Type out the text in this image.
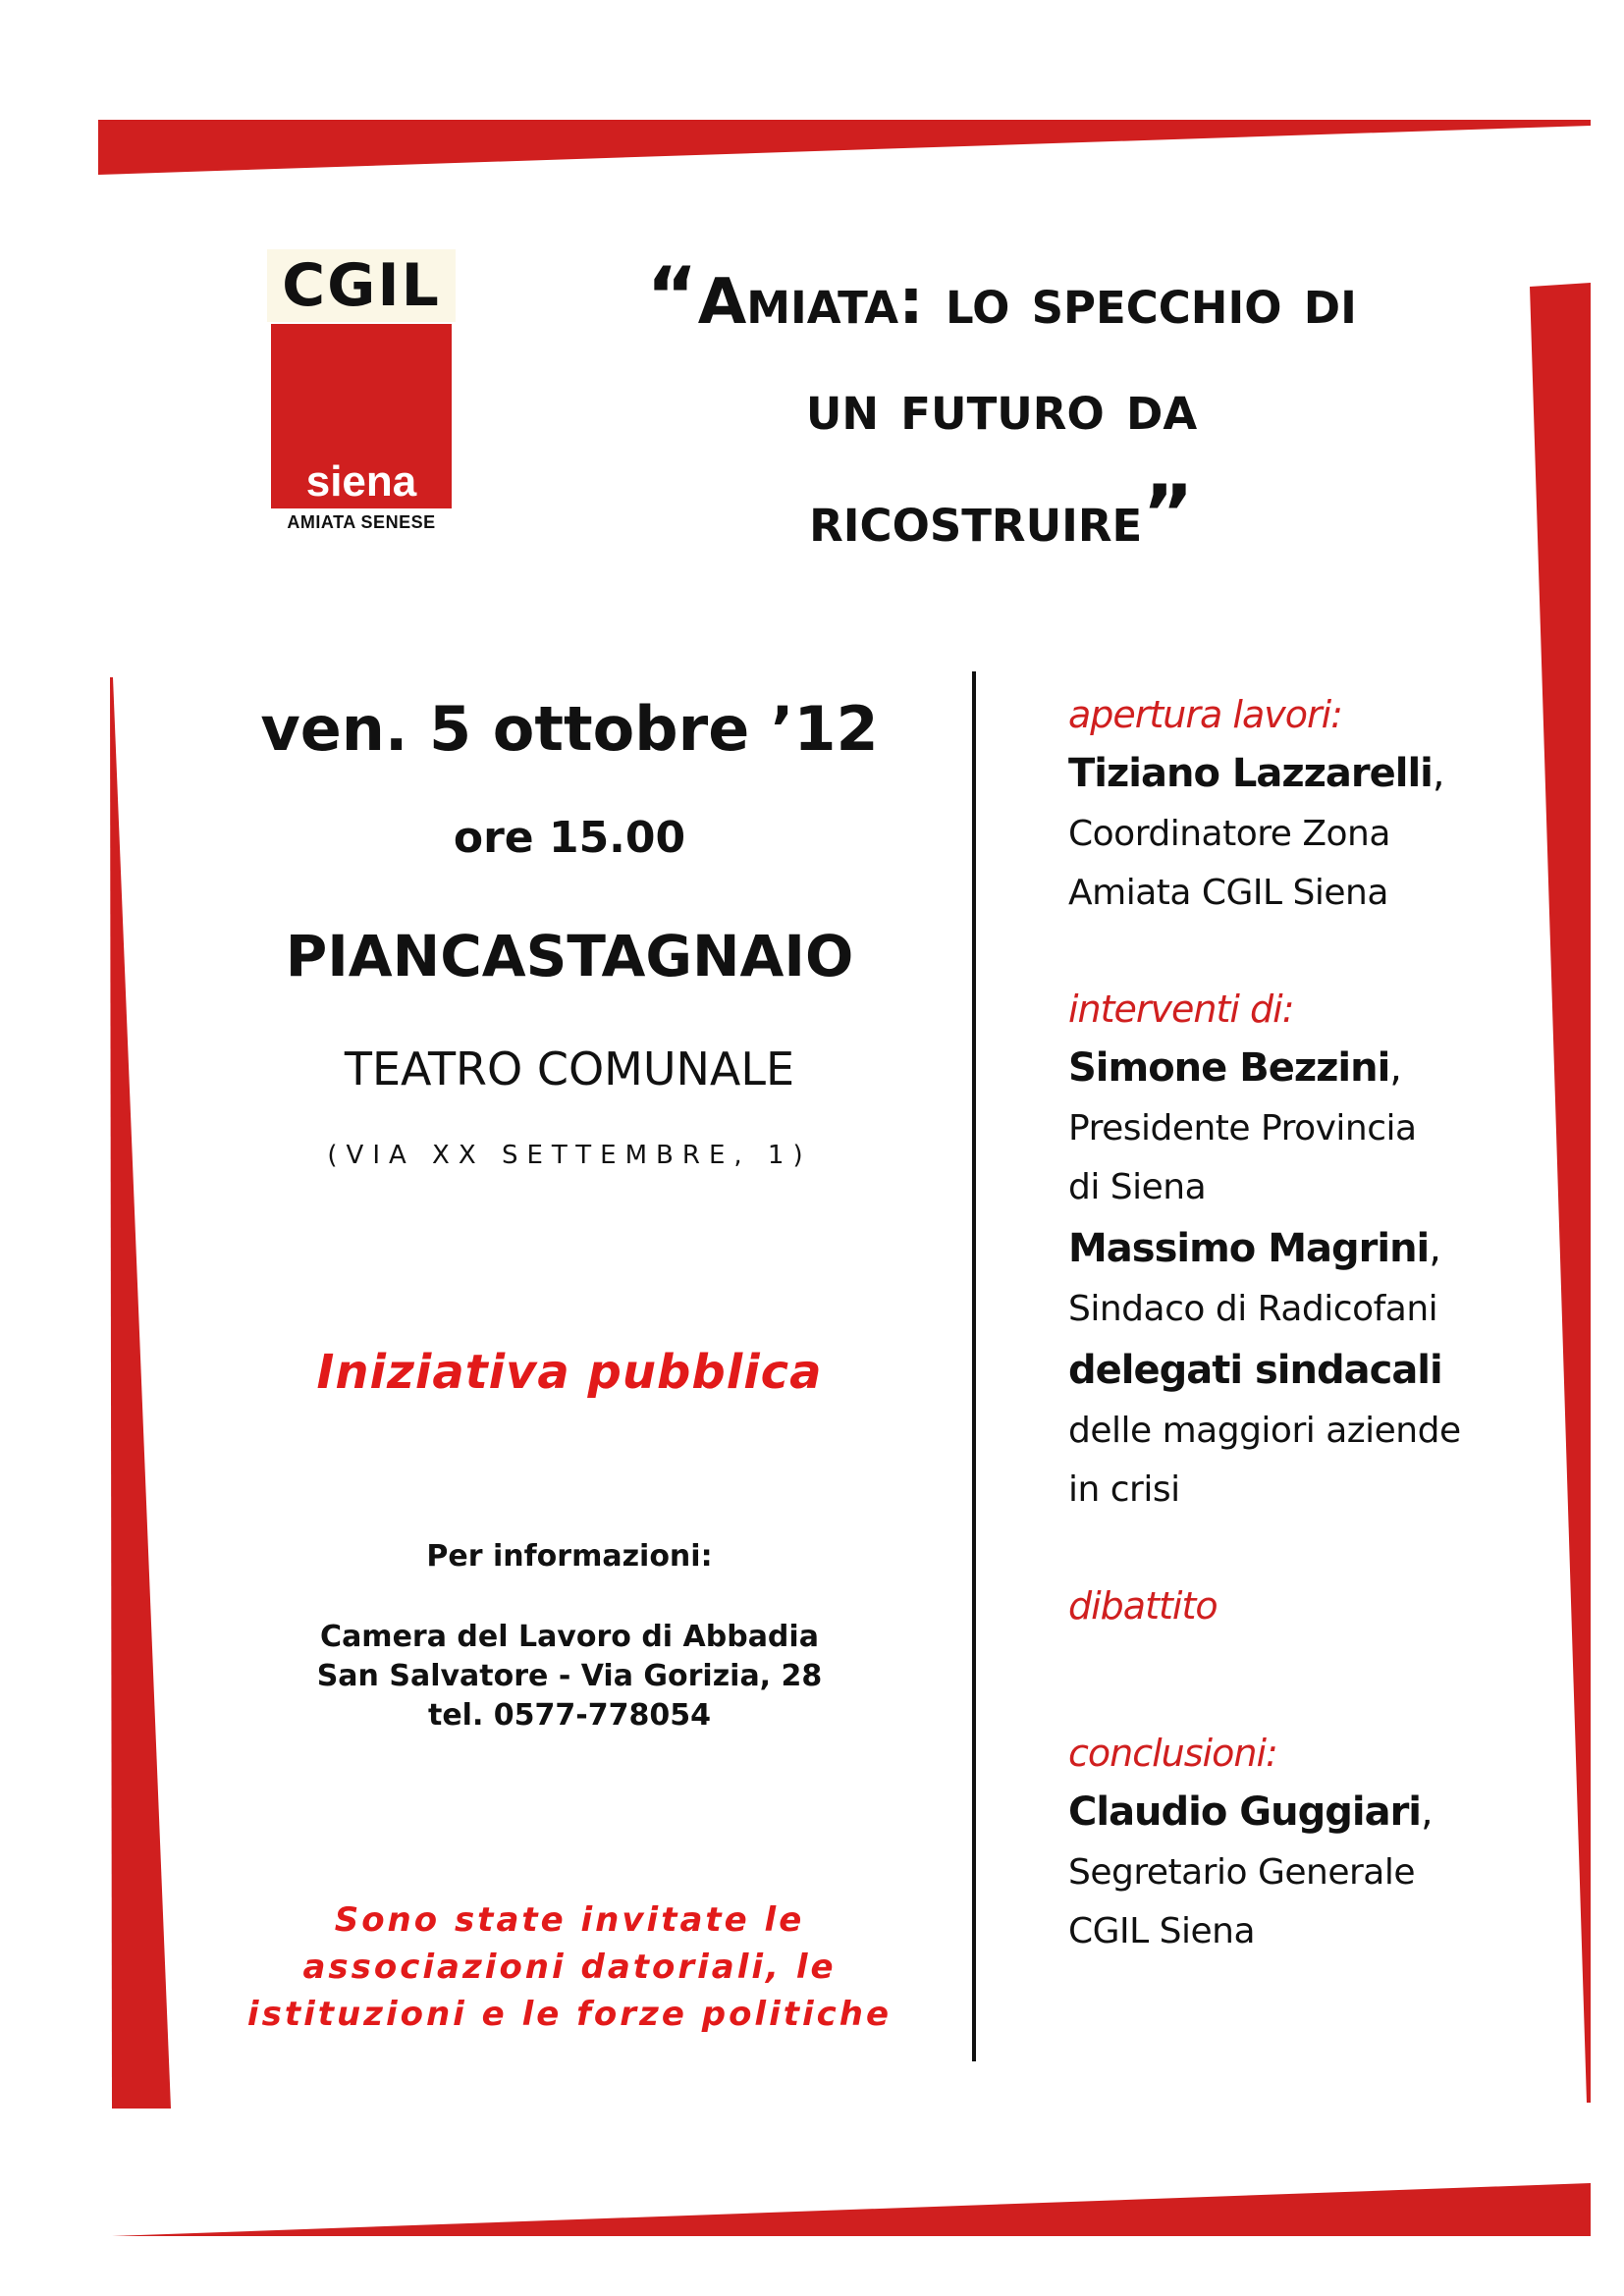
CGIL
siena
AMIATA SENESE
“Amiata: lo specchio di
un futuro da
ricostruire”
ven. 5 ottobre ’12
ore 15.00
PIANCASTAGNAIO
TEATRO COMUNALE
(VIA XX SETTEMBRE, 1)
Iniziativa pubblica
Per informazioni:
Camera del Lavoro di Abbadia
San Salvatore - Via Gorizia, 28
tel. 0577-778054
Sono state invitate le
associazioni datoriali, le
istituzioni e le forze politiche
apertura lavori:
Tiziano Lazzarelli,
Coordinatore Zona
Amiata CGIL Siena
interventi di:
Simone Bezzini,
Presidente Provincia
di Siena
Massimo Magrini,
Sindaco di Radicofani
delegati sindacali
delle maggiori aziende
in crisi
dibattito
conclusioni:
Claudio Guggiari,
Segretario Generale
CGIL Siena
